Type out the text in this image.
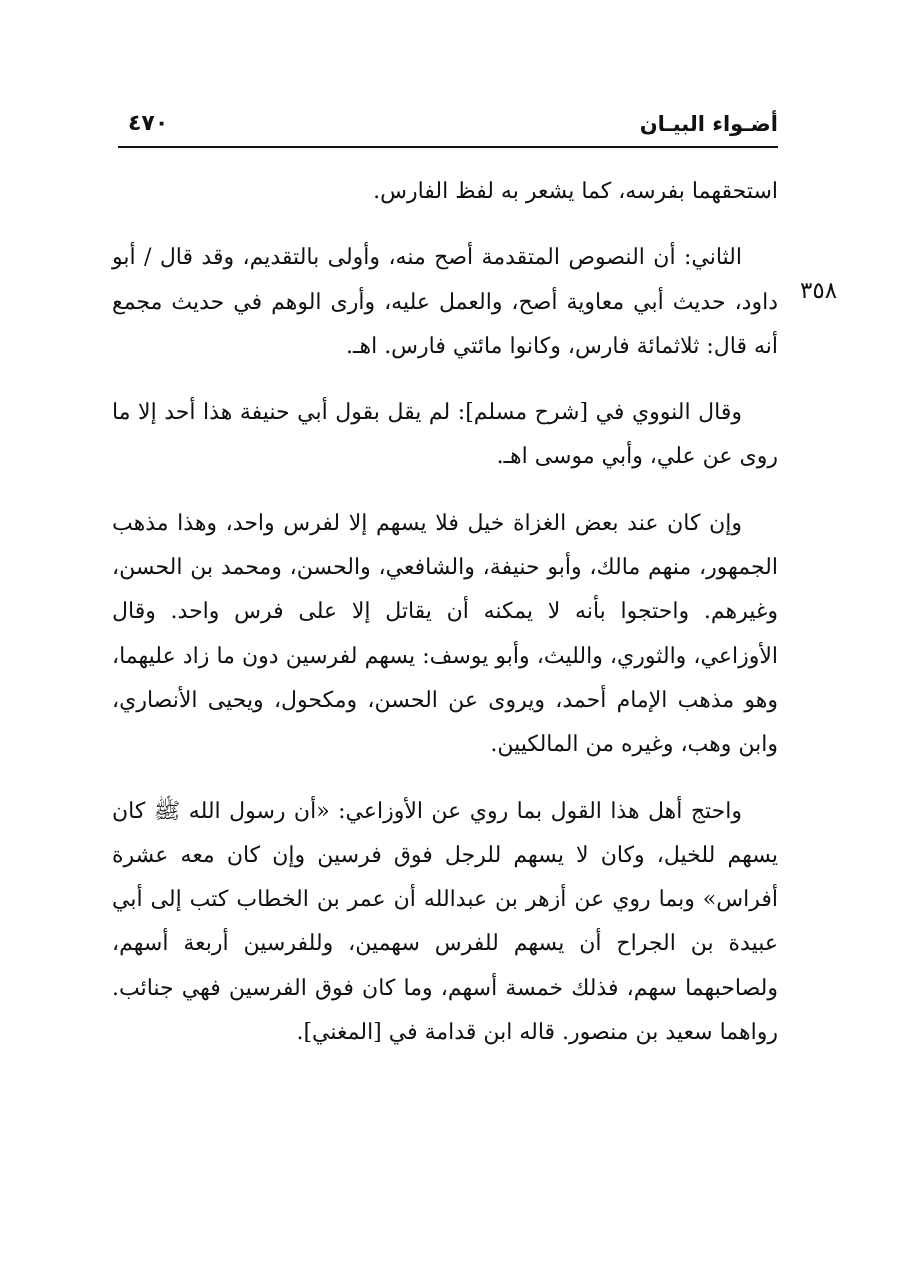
٤٧٠	أضـواء البيـان
٣٥٨

استحقهما بفرسه، كما يشعر به لفظ الفارس.

الثاني: أن النصوص المتقدمة أصح منه، وأولى بالتقديم، وقد قال / أبو داود، حديث أبي معاوية أصح، والعمل عليه، وأرى الوهم في حديث مجمع أنه قال: ثلاثمائة فارس، وكانوا مائتي فارس. اهـ.

وقال النووي في [شرح مسلم]: لم يقل بقول أبي حنيفة هذا أحد إلا ما روى عن علي، وأبي موسى اهـ.

وإن كان عند بعض الغزاة خيل فلا يسهم إلا لفرس واحد، وهذا مذهب الجمهور، منهم مالك، وأبو حنيفة، والشافعي، والحسن، ومحمد بن الحسن، وغيرهم. واحتجوا بأنه لا يمكنه أن يقاتل إلا على فرس واحد. وقال الأوزاعي، والثوري، والليث، وأبو يوسف: يسهم لفرسين دون ما زاد عليهما، وهو مذهب الإمام أحمد، ويروى عن الحسن، ومكحول، ويحيى الأنصاري، وابن وهب، وغيره من المالكيين.

واحتج أهل هذا القول بما روي عن الأوزاعي: «أن رسول الله ﷺ كان يسهم للخيل، وكان لا يسهم للرجل فوق فرسين وإن كان معه عشرة أفراس» وبما روي عن أزهر بن عبدالله أن عمر بن الخطاب كتب إلى أبي عبيدة بن الجراح أن يسهم للفرس سهمين، وللفرسين أربعة أسهم، ولصاحبهما سهم، فذلك خمسة أسهم، وما كان فوق الفرسين فهي جنائب. رواهما سعيد بن منصور. قاله ابن قدامة في [المغني].
